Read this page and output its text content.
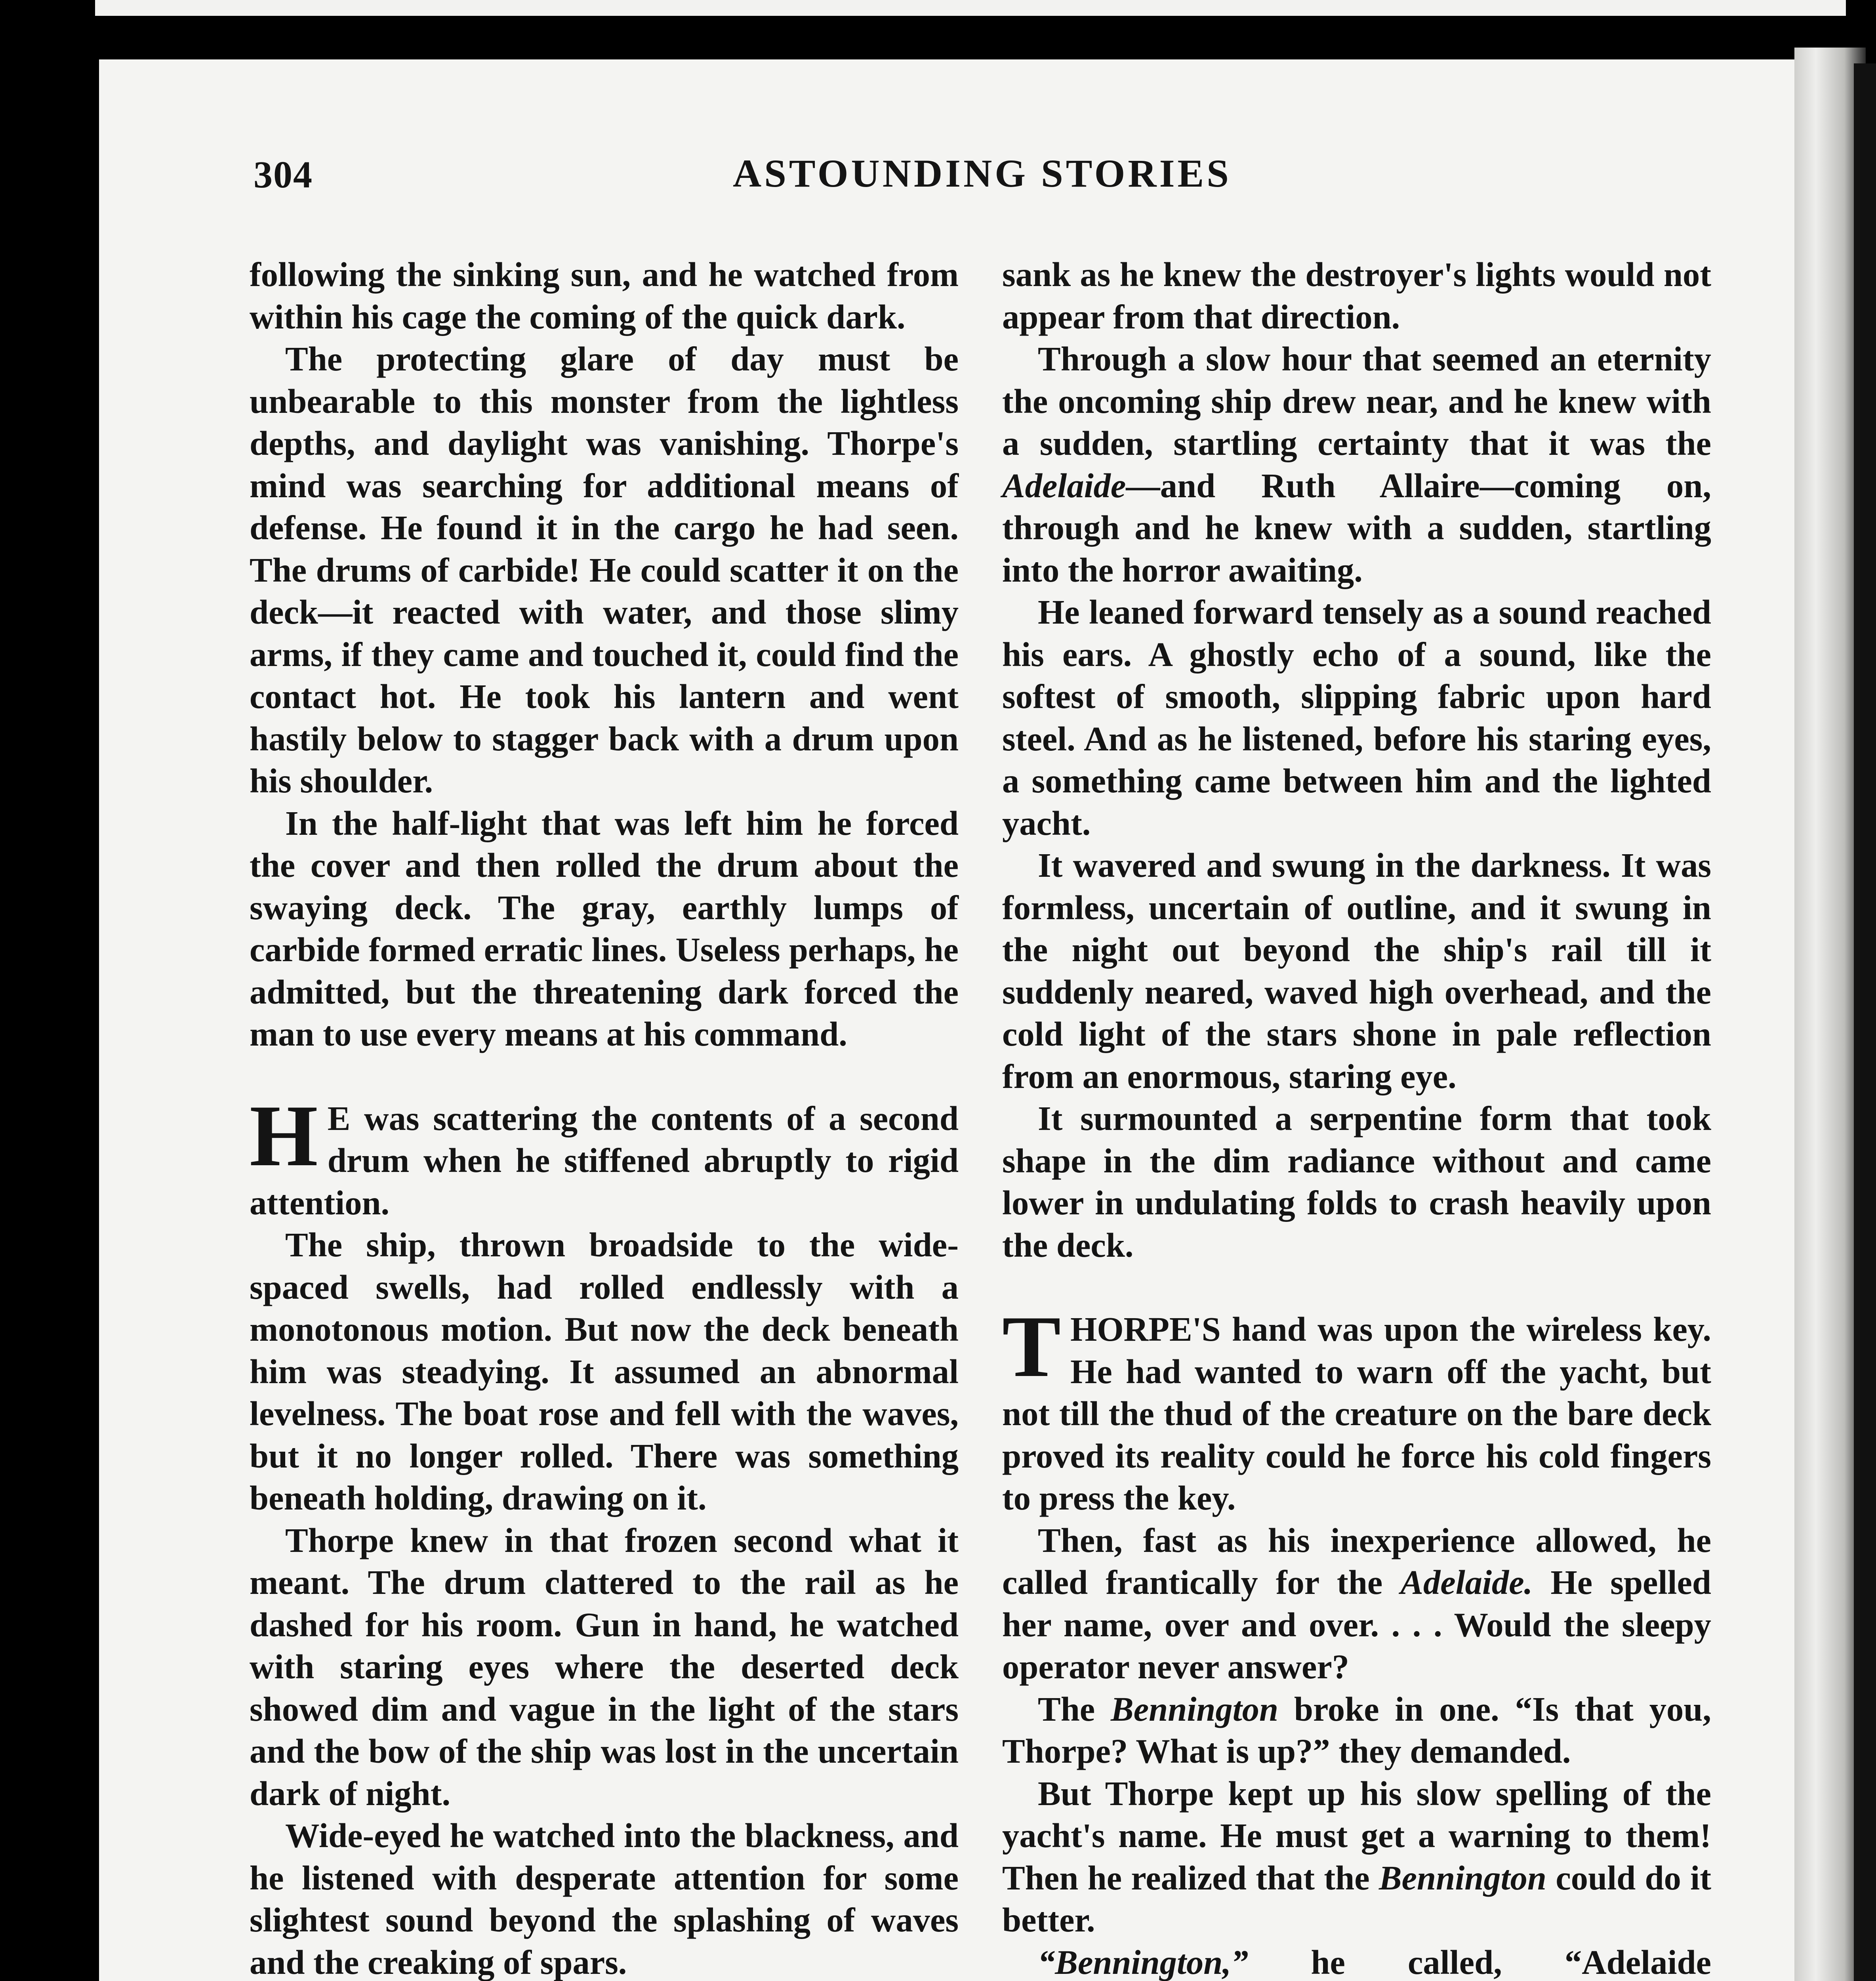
304	ASTOUNDING STORIES

following the sinking sun, and he watched from within his cage the coming of the quick dark.

The protecting glare of day must be unbearable to this monster from the lightless depths, and daylight was vanishing. Thorpe's mind was searching for additional means of defense. He found it in the cargo he had seen. The drums of carbide! He could scatter it on the deck—it reacted with water, and those slimy arms, if they came and touched it, could find the contact hot. He took his lantern and went hastily below to stagger back with a drum upon his shoulder.

In the half-light that was left him he forced the cover and then rolled the drum about the swaying deck. The gray, earthly lumps of carbide formed erratic lines. Useless perhaps, he admitted, but the threatening dark forced the man to use every means at his command.

H E was scattering the contents of a second drum when he stiffened abruptly to rigid attention.

The ship, thrown broadside to the wide-spaced swells, had rolled endlessly with a monotonous motion. But now the deck beneath him was steadying. It assumed an abnormal levelness. The boat rose and fell with the waves, but it no longer rolled. There was something beneath holding, drawing on it.

Thorpe knew in that frozen second what it meant. The drum clattered to the rail as he dashed for his room. Gun in hand, he watched with staring eyes where the deserted deck showed dim and vague in the light of the stars and the bow of the ship was lost in the uncertain dark of night.

Wide-eyed he watched into the blackness, and he listened with desperate attention for some slightest sound beyond the splashing of waves and the creaking of spars.

sank as he knew the destroyer's lights would not appear from that direction.

Through a slow hour that seemed an eternity the oncoming ship drew near, and he knew with a sudden, startling certainty that it was the Adelaide—and Ruth Allaire—coming on, through and he knew with a sudden, startling into the horror awaiting.

He leaned forward tensely as a sound reached his ears. A ghostly echo of a sound, like the softest of smooth, slipping fabric upon hard steel. And as he listened, before his staring eyes, a something came between him and the lighted yacht.

It wavered and swung in the darkness. It was formless, uncertain of outline, and it swung in the night out beyond the ship's rail till it suddenly neared, waved high overhead, and the cold light of the stars shone in pale reflection from an enormous, staring eye.

It surmounted a serpentine form that took shape in the dim radiance without and came lower in undulating folds to crash heavily upon the deck.

THORPE'S hand was upon the wireless key. He had wanted to warn off the yacht, but not till the thud of the creature on the bare deck proved its reality could he force his cold fingers to press the key.

Then, fast as his inexperience allowed, he called frantically for the Adelaide. He spelled her name, over and over. . . . Would the sleepy operator never answer?

The Bennington broke in one. “Is that you, Thorpe? What is up?” they demanded.

But Thorpe kept up his slow spelling of the yacht's name. He must get a warning to them! Then he realized that the Bennington could do it better.

“Bennington,” he called, “Adelaide
